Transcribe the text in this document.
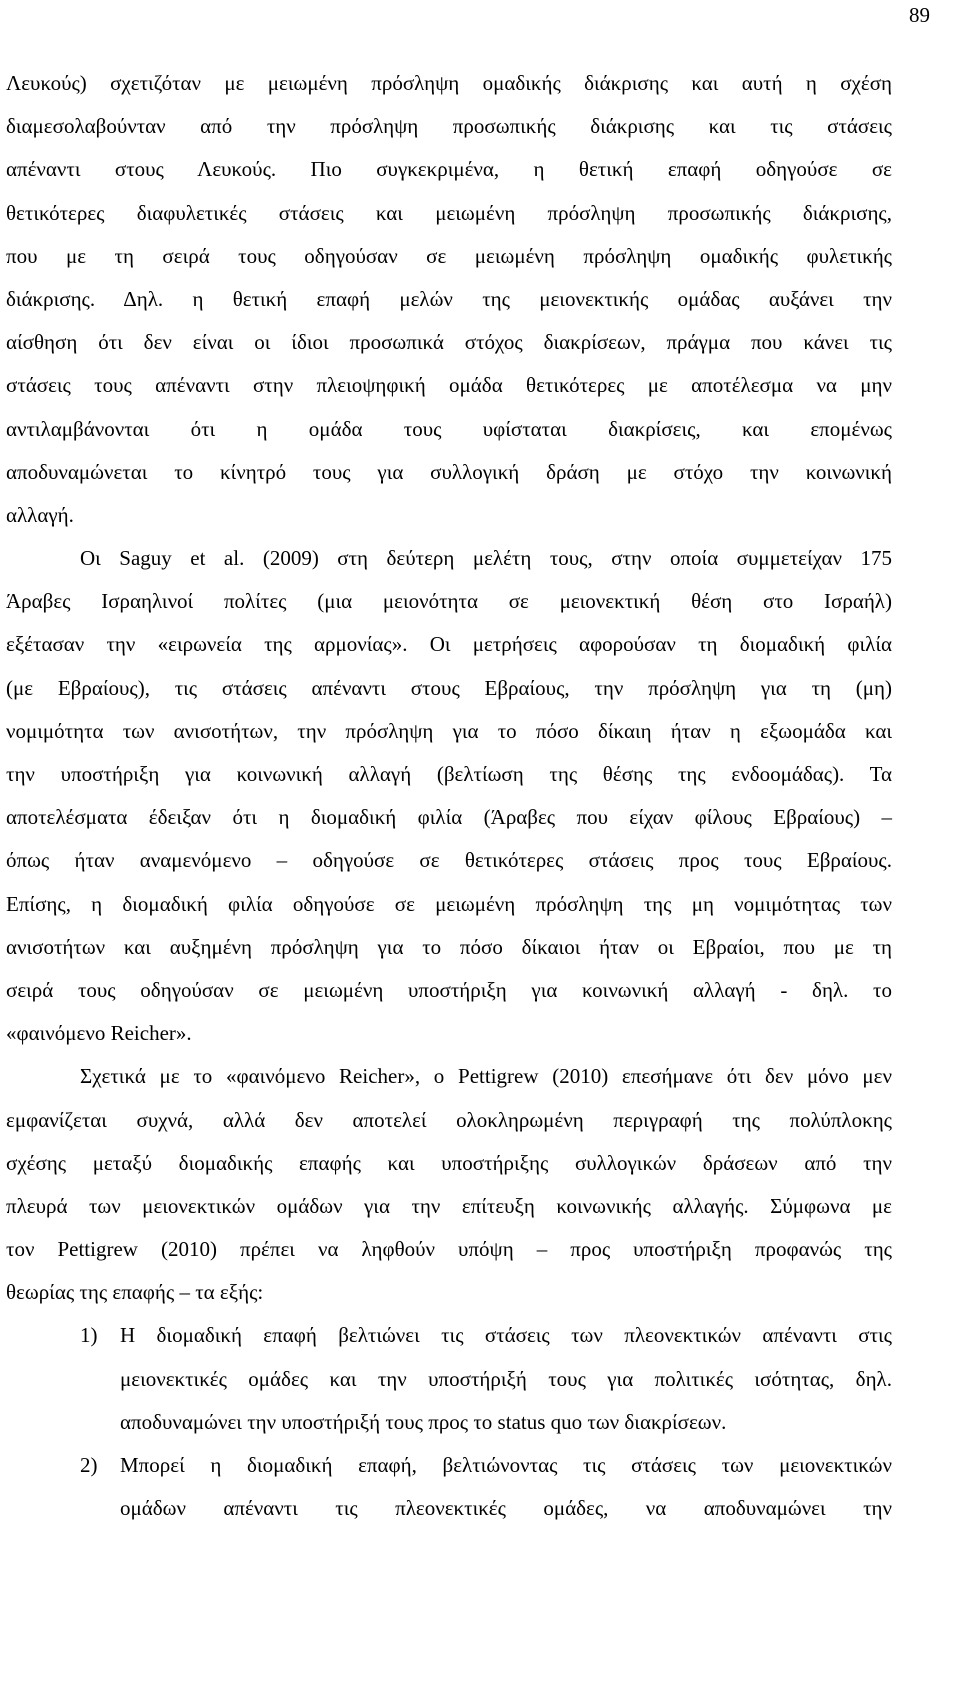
89
Λευκούς) σχετιζόταν με μειωμένη πρόσληψη ομαδικής διάκρισης και αυτή η σχέση
διαμεσολαβούνταν από την πρόσληψη προσωπικής διάκρισης και τις στάσεις
απέναντι στους Λευκούς. Πιο συγκεκριμένα, η θετική επαφή οδηγούσε σε
θετικότερες διαφυλετικές στάσεις και μειωμένη πρόσληψη προσωπικής διάκρισης,
που με τη σειρά τους οδηγούσαν σε μειωμένη πρόσληψη ομαδικής φυλετικής
διάκρισης. Δηλ. η θετική επαφή μελών της μειονεκτικής ομάδας αυξάνει την
αίσθηση ότι δεν είναι οι ίδιοι προσωπικά στόχος διακρίσεων, πράγμα που κάνει τις
στάσεις τους απέναντι στην πλειοψηφική ομάδα θετικότερες με αποτέλεσμα να μην
αντιλαμβάνονται ότι η ομάδα τους υφίσταται διακρίσεις, και επομένως
αποδυναμώνεται το κίνητρό τους για συλλογική δράση με στόχο την κοινωνική
αλλαγή.
Οι Saguy et al. (2009) στη δεύτερη μελέτη τους, στην οποία συμμετείχαν 175
Άραβες Ισραηλινοί πολίτες (μια μειονότητα σε μειονεκτική θέση στο Ισραήλ)
εξέτασαν την «ειρωνεία της αρμονίας». Οι μετρήσεις αφορούσαν τη διομαδική φιλία
(με Εβραίους), τις στάσεις απέναντι στους Εβραίους, την πρόσληψη για τη (μη)
νομιμότητα των ανισοτήτων, την πρόσληψη για το πόσο δίκαιη ήταν η εξωομάδα και
την υποστήριξη για κοινωνική αλλαγή (βελτίωση της θέσης της ενδοομάδας). Τα
αποτελέσματα έδειξαν ότι η διομαδική φιλία (Άραβες που είχαν φίλους Εβραίους) –
όπως ήταν αναμενόμενο – οδηγούσε σε θετικότερες στάσεις προς τους Εβραίους.
Επίσης, η διομαδική φιλία οδηγούσε σε μειωμένη πρόσληψη της μη νομιμότητας των
ανισοτήτων και αυξημένη πρόσληψη για το πόσο δίκαιοι ήταν οι Εβραίοι, που με τη
σειρά τους οδηγούσαν σε μειωμένη υποστήριξη για κοινωνική αλλαγή - δηλ. το
«φαινόμενο Reicher».
Σχετικά με το «φαινόμενο Reicher», ο Pettigrew (2010) επεσήμανε ότι δεν μόνο μεν
εμφανίζεται συχνά, αλλά δεν αποτελεί ολοκληρωμένη περιγραφή της πολύπλοκης
σχέσης μεταξύ διομαδικής επαφής και υποστήριξης συλλογικών δράσεων από την
πλευρά των μειονεκτικών ομάδων για την επίτευξη κοινωνικής αλλαγής. Σύμφωνα με
τον Pettigrew (2010) πρέπει να ληφθούν υπόψη – προς υποστήριξη προφανώς της
θεωρίας της επαφής – τα εξής:
1) Η διομαδική επαφή βελτιώνει τις στάσεις των πλεονεκτικών απέναντι στις
μειονεκτικές ομάδες και την υποστήριξή τους για πολιτικές ισότητας, δηλ.
αποδυναμώνει την υποστήριξή τους προς το status quo των διακρίσεων.
2) Μπορεί η διομαδική επαφή, βελτιώνοντας τις στάσεις των μειονεκτικών
ομάδων απέναντι τις πλεονεκτικές ομάδες, να αποδυναμώνει την
